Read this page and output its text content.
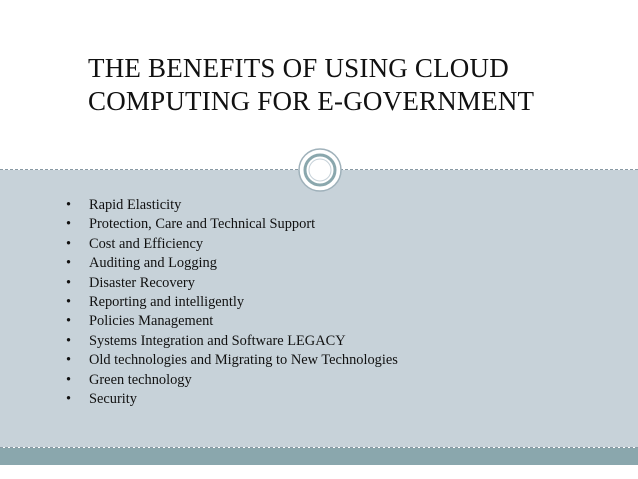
THE BENEFITS OF USING CLOUD COMPUTING FOR E-GOVERNMENT
• Rapid Elasticity
• Protection, Care and Technical Support
• Cost and Efficiency
• Auditing and Logging
• Disaster Recovery
• Reporting and intelligently
• Policies Management
• Systems Integration and Software LEGACY
• Old technologies and Migrating to New Technologies
• Green technology
• Security
